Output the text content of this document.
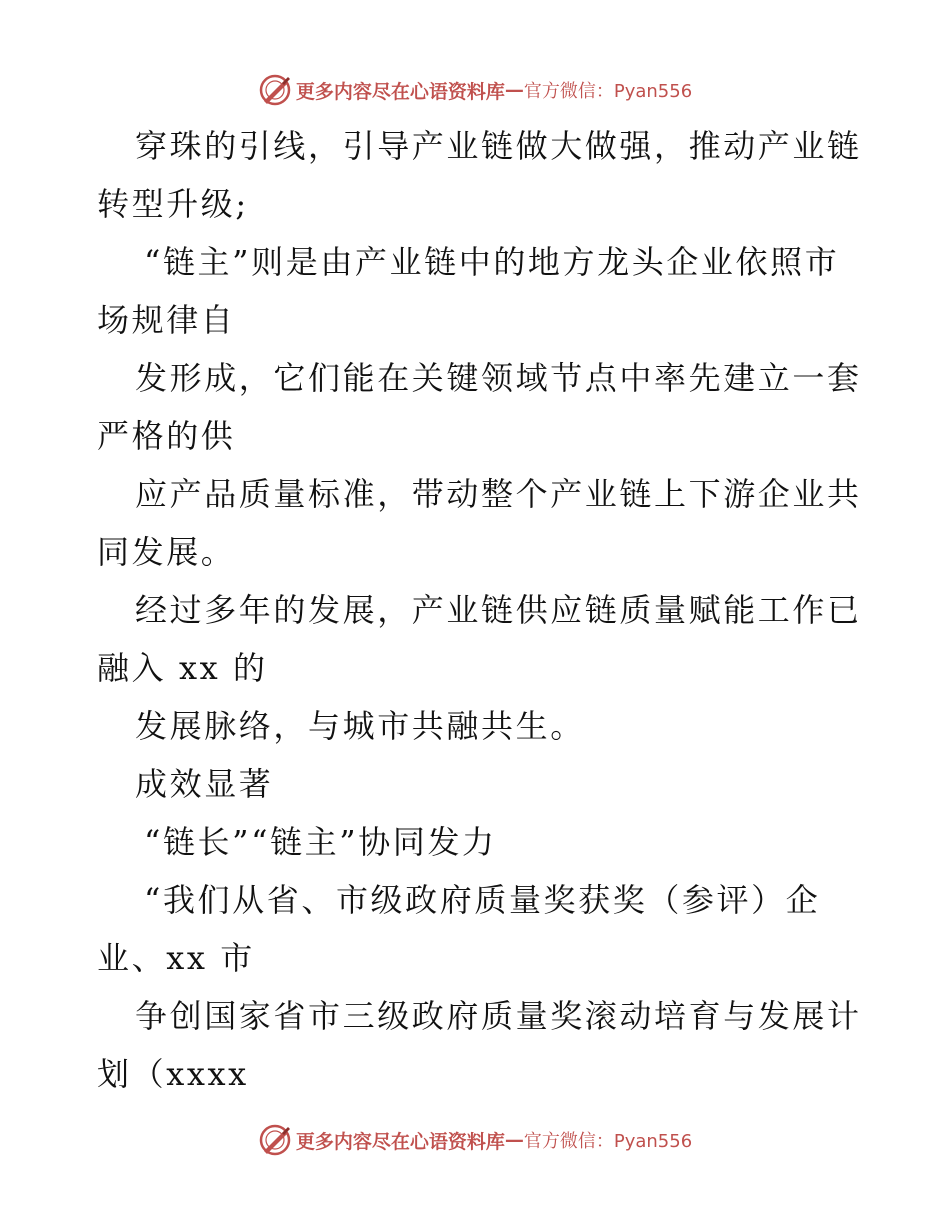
更多内容尽在心语资料库 — 官方微信：Pyan556
穿珠的引线，引导产业链做大做强，推动产业链
转型升级;
“链主”则是由产业链中的地方龙头企业依照市
场规律自
发形成，它们能在关键领域节点中率先建立一套
严格的供
应产品质量标准，带动整个产业链上下游企业共
同发展。
经过多年的发展，产业链供应链质量赋能工作已
融入 xx 的
发展脉络，与城市共融共生。
成效显著
“链长”“链主”协同发力
“我们从省、市级政府质量奖获奖（参评）企
业、xx 市
争创国家省市三级政府质量奖滚动培育与发展计
划（xxxx
更多内容尽在心语资料库 — 官方微信：Pyan556
